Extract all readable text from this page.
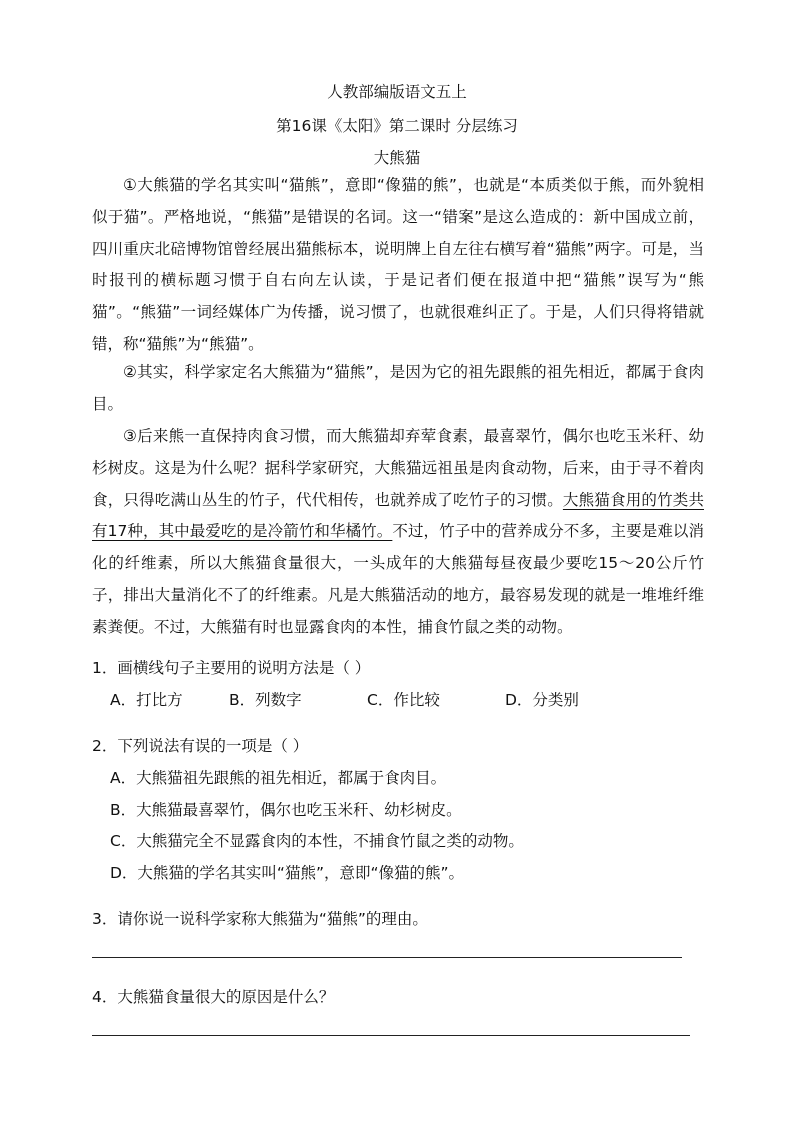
人教部编版语文五上
第16课《太阳》第二课时 分层练习
大熊猫
①大熊猫的学名其实叫“猫熊”，意即“像猫的熊”，也就是“本质类似于熊，而外貌相似于猫”。严格地说，“熊猫”是错误的名词。这一“错案”是这么造成的：新中国成立前，四川重庆北碚博物馆曾经展出猫熊标本，说明牌上自左往右横写着“猫熊”两字。可是，当时报刊的横标题习惯于自右向左认读，于是记者们便在报道中把“猫熊”误写为“熊猫”。“熊猫”一词经媒体广为传播，说习惯了，也就很难纠正了。于是，人们只得将错就错，称“猫熊”为“熊猫”。
②其实，科学家定名大熊猫为“猫熊”，是因为它的祖先跟熊的祖先相近，都属于食肉目。
③后来熊一直保持肉食习惯，而大熊猫却弃荤食素，最喜翠竹，偶尔也吃玉米秆、幼杉树皮。这是为什么呢？据科学家研究，大熊猫远祖虽是肉食动物，后来，由于寻不着肉食，只得吃满山丛生的竹子，代代相传，也就养成了吃竹子的习惯。大熊猫食用的竹类共有17种，其中最爱吃的是冷箭竹和华橘竹。不过，竹子中的营养成分不多，主要是难以消化的纤维素，所以大熊猫食量很大，一头成年的大熊猫每昼夜最少要吃15～20公斤竹子，排出大量消化不了的纤维素。凡是大熊猫活动的地方，最容易发现的就是一堆堆纤维素粪便。不过，大熊猫有时也显露食肉的本性，捕食竹鼠之类的动物。
1．画横线句子主要用的说明方法是（ ）
A．打比方	B．列数字	C．作比较	D．分类别
2．下列说法有误的一项是（ ）
A．大熊猫祖先跟熊的祖先相近，都属于食肉目。
B．大熊猫最喜翠竹，偶尔也吃玉米秆、幼杉树皮。
C．大熊猫完全不显露食肉的本性，不捕食竹鼠之类的动物。
D．大熊猫的学名其实叫“猫熊”，意即“像猫的熊”。
3．请你说一说科学家称大熊猫为“猫熊”的理由。
4．大熊猫食量很大的原因是什么？
